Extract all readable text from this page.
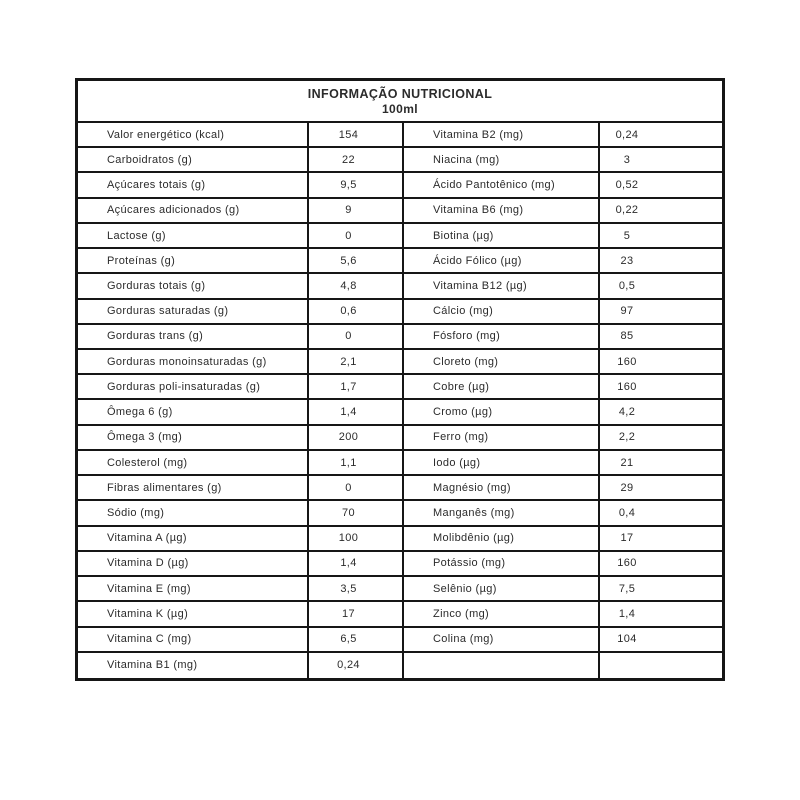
INFORMAÇÃO NUTRICIONAL
100ml
Valor energético (kcal)	154	Vitamina B2 (mg)	0,24
Carboidratos (g)	22	Niacina (mg)	3
Açúcares totais (g)	9,5	Ácido Pantotênico (mg)	0,52
Açúcares adicionados (g)	9	Vitamina B6 (mg)	0,22
Lactose (g)	0	Biotina (µg)	5
Proteínas (g)	5,6	Ácido Fólico (µg)	23
Gorduras totais (g)	4,8	Vitamina B12 (µg)	0,5
Gorduras saturadas (g)	0,6	Cálcio (mg)	97
Gorduras trans (g)	0	Fósforo (mg)	85
Gorduras monoinsaturadas (g)	2,1	Cloreto (mg)	160
Gorduras poli-insaturadas (g)	1,7	Cobre (µg)	160
Ômega 6 (g)	1,4	Cromo (µg)	4,2
Ômega 3 (mg)	200	Ferro (mg)	2,2
Colesterol (mg)	1,1	Iodo (µg)	21
Fibras alimentares (g)	0	Magnésio (mg)	29
Sódio (mg)	70	Manganês (mg)	0,4
Vitamina A (µg)	100	Molibdênio (µg)	17
Vitamina D (µg)	1,4	Potássio (mg)	160
Vitamina E (mg)	3,5	Selênio (µg)	7,5
Vitamina K (µg)	17	Zinco (mg)	1,4
Vitamina C (mg)	6,5	Colina (mg)	104
Vitamina B1 (mg)	0,24
